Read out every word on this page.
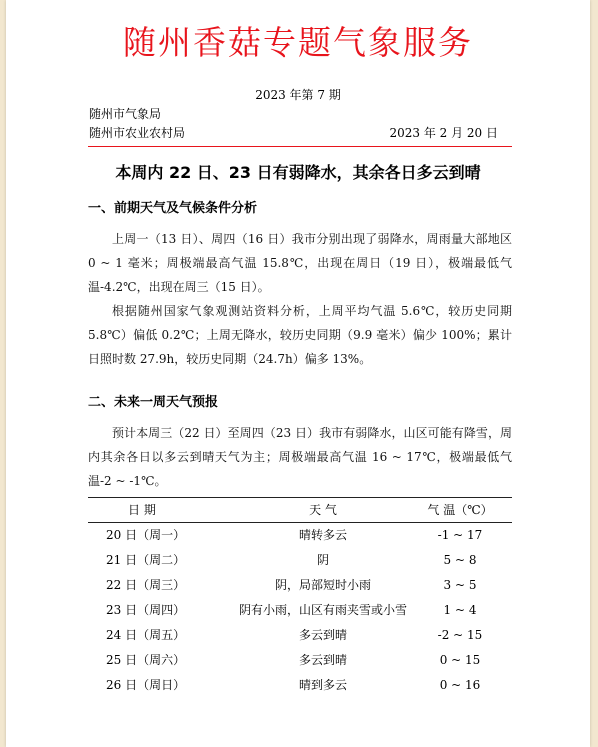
随州香菇专题气象服务
2023 年第 7 期
随州市气象局
随州市农业农村局	2023 年 2 月 20 日
本周内 22 日、23 日有弱降水，其余各日多云到晴
一、前期天气及气候条件分析
上周一（13 日）、周四（16 日）我市分别出现了弱降水，周雨量大部地区 0 ~ 1 毫米；周极端最高气温 15.8℃，出现在周日（19 日），极端最低气温-4.2℃，出现在周三（15 日）。
根据随州国家气象观测站资料分析，上周平均气温 5.6℃，较历史同期 5.8℃）偏低 0.2℃；上周无降水，较历史同期（9.9 毫米）偏少 100%；累计日照时数 27.9h，较历史同期（24.7h）偏多 13%。
二、未来一周天气预报
预计本周三（22 日）至周四（23 日）我市有弱降水，山区可能有降雪，周内其余各日以多云到晴天气为主；周极端最高气温 16 ~ 17℃，极端最低气温-2 ~ -1℃。
日 期	天 气	气 温（℃）
20 日（周一）	晴转多云	-1 ~ 17
21 日（周二）	阴	5 ~ 8
22 日（周三）	阴，局部短时小雨	3 ~ 5
23 日（周四）	阴有小雨，山区有雨夹雪或小雪	1 ~ 4
24 日（周五）	多云到晴	-2 ~ 15
25 日（周六）	多云到晴	0 ~ 15
26 日（周日）	晴到多云	0 ~ 16
